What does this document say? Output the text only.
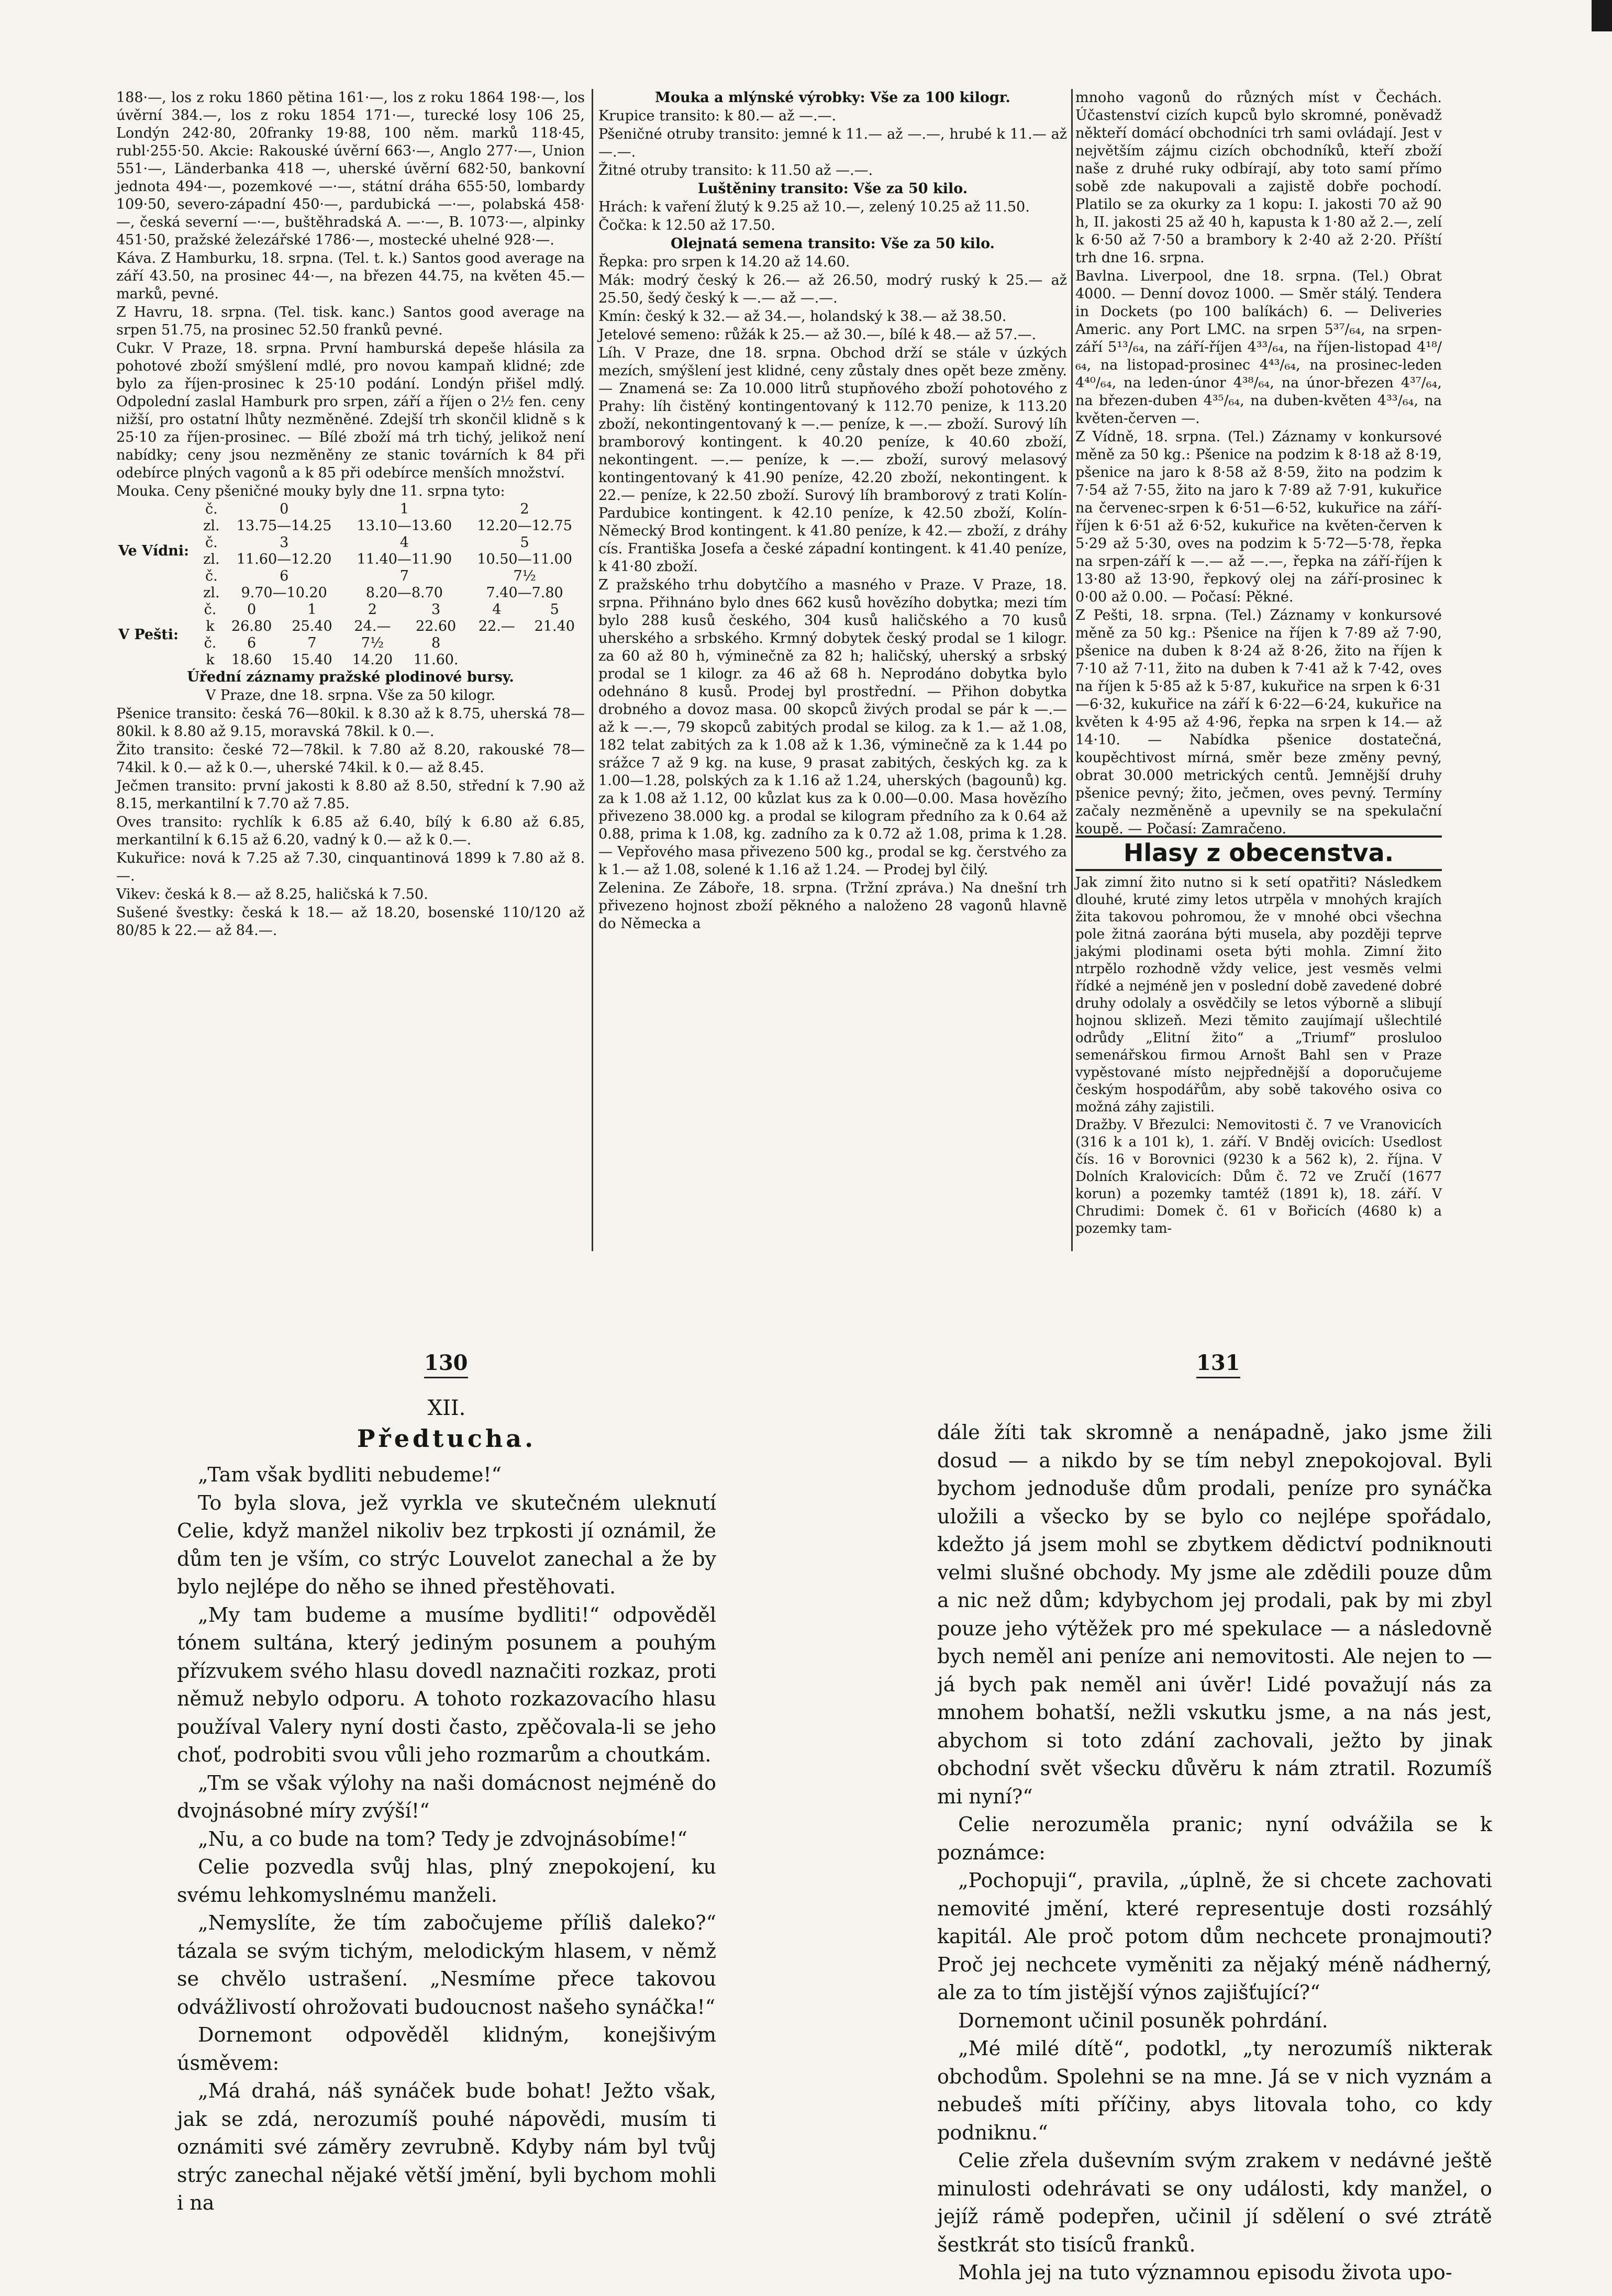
188·—, los z roku 1860 pětina 161·—, los z roku 1864 198·—, los úvěrní 384.—, los z roku 1854 171·—, turecké losy 106 25, Londýn 242·80, 20franky 19·88, 100 něm. marků 118·45, rubl·255·50. Akcie: Rakouské úvěrní 663·—, Anglo 277·—, Union 551·—, Länderbanka 418 —, uherské úvěrní 682·50, bankovní jednota 494·—, pozemkové —·—, státní dráha 655·50, lombardy 109·50, severo-západní 450·—, pardubická —·—, polabská 458·—, česká severní —·—, buštěhradská A. —·—, B. 1073·—, alpinky 451·50, pražské železářské 1786·—, mostecké uhelné 928·—.

Káva. Z Hamburku, 18. srpna. (Tel. t. k.) Santos good average na září 43.50, na prosinec 44·—, na březen 44.75, na květen 45.— marků, pevné.

Z Havru, 18. srpna. (Tel. tisk. kanc.) Santos good average na srpen 51.75, na prosinec 52.50 franků pevné.

Cukr. V Praze, 18. srpna. První hamburská depeše hlásila za pohotové zboží smýšlení mdlé, pro novou kampaň klidné; zde bylo za říjen-prosinec k 25·10 podání. Londýn přišel mdlý. Odpolední zaslal Hamburk pro srpen, září a říjen o 2½ fen. ceny nižší, pro ostatní lhůty nezměněné. Zdejší trh skončil klidně s k 25·10 za říjen-prosinec. — Bílé zboží má trh tichý, jelikož není nabídky; ceny jsou nezměněny ze stanic továrních k 84 při odebírce plných vagonů a k 85 při odebírce menších množství.

Mouka. Ceny pšeničné mouky byly dne 11. srpna tyto:

Ve Vídni:	č.	0	1	2
	zl.	13.75—14.25	13.10—13.60	12.20—12.75
	č.	3	4	5
	zl.	11.60—12.20	11.40—11.90	10.50—11.00
	č.	6	7	7½
	zl.	9.70—10.20	8.20—8.70	7.40—7.80
V Pešti:	č.	0	1	2	3	4	5
	k	26.80	25.40	24.—	22.60	22.—	21.40
	č.	6	7	7½	8		
	k	18.60	15.40	14.20	11.60.		

Úřední záznamy pražské plodinové bursy.

V Praze, dne 18. srpna. Vše za 50 kilogr.

Pšenice transito: česká 76—80kil. k 8.30 až k 8.75, uherská 78—80kil. k 8.80 až 9.15, moravská 78kil. k 0.—.

Žito transito: české 72—78kil. k 7.80 až 8.20, rakouské 78—74kil. k 0.— až k 0.—, uherské 74kil. k 0.— až 8.45.

Ječmen transito: první jakosti k 8.80 až 8.50, střední k 7.90 až 8.15, merkantilní k 7.70 až 7.85.

Oves transito: rychlík k 6.85 až 6.40, bílý k 6.80 až 6.85, merkantilní k 6.15 až 6.20, vadný k 0.— až k 0.—.

Kukuřice: nová k 7.25 až 7.30, cinquantinová 1899 k 7.80 až 8.—.

Vikev: česká k 8.— až 8.25, haličská k 7.50.

Sušené švestky: česká k 18.— až 18.20, bosenské 110/120 až 80/85 k 22.— až 84.—.

Mouka a mlýnské výrobky: Vše za 100 kilogr.

Krupice transito: k 80.— až —.—.

Pšeničné otruby transito: jemné k 11.— až —.—, hrubé k 11.— až —.—.

Žitné otruby transito: k 11.50 až —.—.

Luštěniny transito: Vše za 50 kilo.

Hrách: k vaření žlutý k 9.25 až 10.—, zelený 10.25 až 11.50.

Čočka: k 12.50 až 17.50.

Olejnatá semena transito: Vše za 50 kilo.

Řepka: pro srpen k 14.20 až 14.60.

Mák: modrý český k 26.— až 26.50, modrý ruský k 25.— až 25.50, šedý český k —.— až —.—.

Kmín: český k 32.— až 34.—, holandský k 38.— až 38.50.

Jetelové semeno: růžák k 25.— až 30.—, bílé k 48.— až 57.—.

Líh. V Praze, dne 18. srpna. Obchod drží se stále v úzkých mezích, smýšlení jest klidné, ceny zůstaly dnes opět beze změny. — Znamená se: Za 10.000 litrů stupňového zboží pohotového z Prahy: líh čistěný kontingentovaný k 112.70 penize, k 113.20 zboží, nekontingentovaný k —.— peníze, k —.— zboží. Surový líh bramborový kontingent. k 40.20 peníze, k 40.60 zboží, nekontingent. —.— peníze, k —.— zboží, surový melasový kontingentovaný k 41.90 peníze, 42.20 zboží, nekontingent. k 22.— peníze, k 22.50 zboží. Surový líh bramborový z trati Kolín-Pardubice kontingent. k 42.10 peníze, k 42.50 zboží, Kolín-Německý Brod kontingent. k 41.80 peníze, k 42.— zboží, z dráhy cís. Františka Josefa a české západní kontingent. k 41.40 peníze, k 41·80 zboží.

Z pražského trhu dobytčího a masného v Praze. V Praze, 18. srpna. Přihnáno bylo dnes 662 kusů hovězího dobytka; mezi tím bylo 288 kusů českého, 304 kusů haličského a 70 kusů uherského a srbského. Krmný dobytek český prodal se 1 kilogr. za 60 až 80 h, výminečně za 82 h; haličský, uherský a srbský prodal se 1 kilogr. za 46 až 68 h. Neprodáno dobytka bylo odehnáno 8 kusů. Prodej byl prostřední. — Přihon dobytka drobného a dovoz masa. 00 skopců živých prodal se pár k —.— až k —.—, 79 skopců zabitých prodal se kilog. za k 1.— až 1.08, 182 telat zabitých za k 1.08 až k 1.36, výminečně za k 1.44 po srážce 7 až 9 kg. na kuse, 9 prasat zabitých, českých kg. za k 1.00—1.28, polských za k 1.16 až 1.24, uherských (bagounů) kg. za k 1.08 až 1.12, 00 kůzlat kus za k 0.00—0.00. Masa hovězího přivezeno 38.000 kg. a prodal se kilogram předního za k 0.64 až 0.88, prima k 1.08, kg. zadního za k 0.72 až 1.08, prima k 1.28. — Vepřového masa přivezeno 500 kg., prodal se kg. čerstvého za k 1.— až 1.08, solené k 1.16 až 1.24. — Prodej byl čilý.

Zelenina. Ze Záboře, 18. srpna. (Tržní zpráva.) Na dnešní trh přivezeno hojnost zboží pěkného a naloženo 28 vagonů hlavně do Německa a

mnoho vagonů do různých míst v Čechách. Účastenství cizích kupců bylo skromné, poněvadž někteří domácí obchodníci trh sami ovládají. Jest v největším zájmu cizích obchodníků, kteří zboží naše z druhé ruky odbírají, aby toto samí přímo sobě zde nakupovali a zajistě dobře pochodí. Platilo se za okurky za 1 kopu: I. jakosti 70 až 90 h, II. jakosti 25 až 40 h, kapusta k 1·80 až 2.—, zelí k 6·50 až 7·50 a brambory k 2·40 až 2·20. Příští trh dne 16. srpna.

Bavlna. Liverpool, dne 18. srpna. (Tel.) Obrat 4000. — Denní dovoz 1000. — Směr stálý. Tendera in Dockets (po 100 balíkách) 6. — Deliveries Americ. any Port LMC. na srpen 5³⁷/₆₄, na srpen-září 5¹³/₆₄, na září-říjen 4³³/₆₄, na říjen-listopad 4¹⁸/₆₄, na listopad-prosinec 4⁴³/₆₄, na prosinec-leden 4⁴⁰/₆₄, na leden-únor 4³⁸/₆₄, na únor-březen 4³⁷/₆₄, na březen-duben 4³⁵/₆₄, na duben-květen 4³³/₆₄, na květen-červen —.

Z Vídně, 18. srpna. (Tel.) Záznamy v konkursové měně za 50 kg.: Pšenice na podzim k 8·18 až 8·19, pšenice na jaro k 8·58 až 8·59, žito na podzim k 7·54 až 7·55, žito na jaro k 7·89 až 7·91, kukuřice na červenec-srpen k 6·51—6·52, kukuřice na září-říjen k 6·51 až 6·52, kukuřice na květen-červen k 5·29 až 5·30, oves na podzim k 5·72—5·78, řepka na srpen-září k —.— až —.—, řepka na září-říjen k 13·80 až 13·90, řepkový olej na září-prosinec k 0·00 až 0.00. — Počasí: Pěkné.

Z Pešti, 18. srpna. (Tel.) Záznamy v konkursové měně za 50 kg.: Pšenice na říjen k 7·89 až 7·90, pšenice na duben k 8·24 až 8·26, žito na říjen k 7·10 až 7·11, žito na duben k 7·41 až k 7·42, oves na říjen k 5·85 až k 5·87, kukuřice na srpen k 6·31—6·32, kukuřice na září k 6·22—6·24, kukuřice na květen k 4·95 až 4·96, řepka na srpen k 14.— až 14·10. — Nabídka pšenice dostatečná, koupěchtivost mírná, směr beze změny pevný, obrat 30.000 metrických centů. Jemnější druhy pšenice pevný; žito, ječmen, oves pevný. Termíny začaly nezměněně a upevnily se na spekulační koupě. — Počasí: Zamračeno.

Hlasy z obecenstva.

Jak zimní žito nutno si k setí opatřiti? Následkem dlouhé, kruté zimy letos utrpěla v mnohých krajích žita takovou pohromou, že v mnohé obci všechna pole žitná zaorána býti musela, aby později teprve jakými plodinami oseta býti mohla. Zimní žito ntrpělo rozhodně vždy velice, jest vesměs velmi řídké a nejméně jen v poslední době zavedené dobré druhy odolaly a osvědčily se letos výborně a slibují hojnou sklizeň. Mezi těmito zaujímají ušlechtilé odrůdy „Elitní žito“ a „Triumf“ prosluloo semenářskou firmou Arnošt Bahl sen v Praze vypěstované místo nejpřednější a doporučujeme českým hospodářům, aby sobě takového osiva co možná záhy zajistili.

Dražby. V Březulci: Nemovitosti č. 7 ve Vranovicích (316 k a 101 k), 1. září. V Bnděj ovicích: Usedlost čís. 16 v Borovnici (9230 k a 562 k), 2. října. V Dolních Kralovicích: Dům č. 72 ve Zručí (1677 korun) a pozemky tamtéž (1891 k), 18. září. V Chrudimi: Domek č. 61 v Bořicích (4680 k) a pozemky tam-

130	131
XII.
Předtucha.

„Tam však bydliti nebudeme!“

To byla slova, jež vyrkla ve skutečném uleknutí Celie, když manžel nikoliv bez trpkosti jí oznámil, že dům ten je vším, co strýc Louvelot zanechal a že by bylo nejlépe do něho se ihned přestěhovati.

„My tam budeme a musíme bydliti!“ odpověděl tónem sultána, který jediným posunem a pouhým přízvukem svého hlasu dovedl naznačiti rozkaz, proti němuž nebylo odporu. A tohoto rozkazovacího hlasu používal Valery nyní dosti často, zpěčovala-li se jeho choť, podrobiti svou vůli jeho rozmarům a choutkám.

„Tm se však výlohy na naši domácnost nejméně do dvojnásobné míry zvýší!“

„Nu, a co bude na tom? Tedy je zdvojnásobíme!“

Celie pozvedla svůj hlas, plný znepokojení, ku svému lehkomyslnému manželi.

„Nemyslíte, že tím zabočujeme příliš daleko?“ tázala se svým tichým, melodickým hlasem, v němž se chvělo ustrašení. „Nesmíme přece takovou odvážlivostí ohrožovati budoucnost našeho synáčka!“

Dornemont odpověděl klidným, konejšivým úsměvem:

„Má drahá, náš synáček bude bohat! Ježto však, jak se zdá, nerozumíš pouhé nápovědi, musím ti oznámiti své záměry zevrubně. Kdyby nám byl tvůj strýc zanechal nějaké větší jmění, byli bychom mohli i na

dále žíti tak skromně a nenápadně, jako jsme žili dosud — a nikdo by se tím nebyl znepokojoval. Byli bychom jednoduše dům prodali, peníze pro synáčka uložili a všecko by se bylo co nejlépe spořádalo, kdežto já jsem mohl se zbytkem dědictví podniknouti velmi slušné obchody. My jsme ale zdědili pouze dům a nic než dům; kdybychom jej prodali, pak by mi zbyl pouze jeho výtěžek pro mé spekulace — a následovně bych neměl ani peníze ani nemovitosti. Ale nejen to — já bych pak neměl ani úvěr! Lidé považují nás za mnohem bohatší, nežli vskutku jsme, a na nás jest, abychom si toto zdání zachovali, ježto by jinak obchodní svět všecku důvěru k nám ztratil. Rozumíš mi nyní?“

Celie nerozuměla pranic; nyní odvážila se k poznámce:

„Pochopuji“, pravila, „úplně, že si chcete zachovati nemovité jmění, které representuje dosti rozsáhlý kapitál. Ale proč potom dům nechcete pronajmouti? Proč jej nechcete vyměniti za nějaký méně nádherný, ale za to tím jistější výnos zajišťující?“

Dornemont učinil posuněk pohrdání.

„Mé milé dítě“, podotkl, „ty nerozumíš nikterak obchodům. Spolehni se na mne. Já se v nich vyznám a nebudeš míti příčiny, abys litovala toho, co kdy podniknu.“

Celie zřela duševním svým zrakem v nedávné ještě minulosti odehrávati se ony události, kdy manžel, o jejíž rámě podepřen, učinil jí sdělení o své ztrátě šestkrát sto tisíců franků.

Mohla jej na tuto významnou episodu života upo-
